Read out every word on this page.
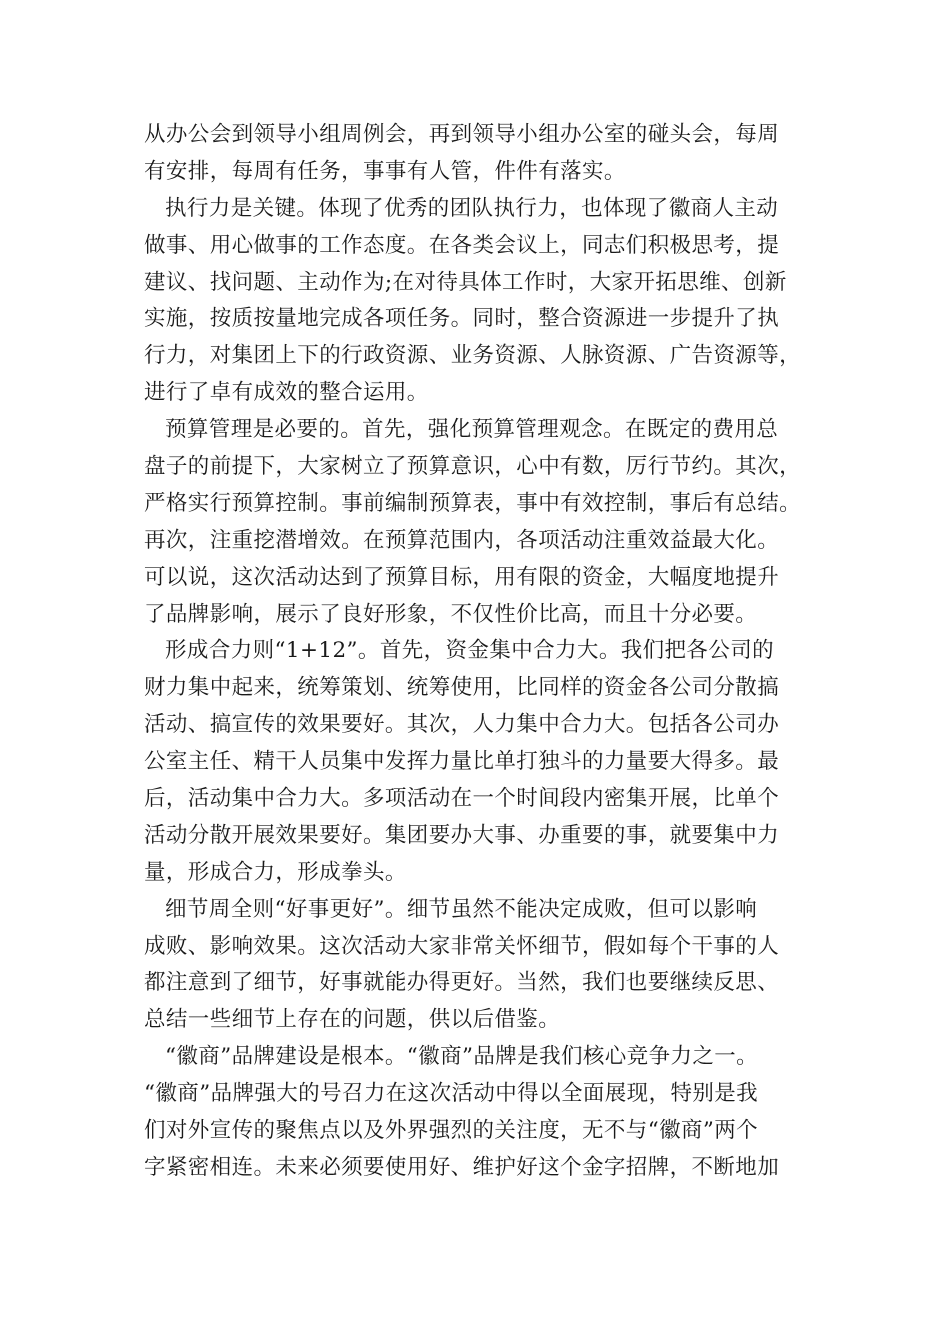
从办公会到领导小组周例会，再到领导小组办公室的碰头会，每周
有安排，每周有任务，事事有人管，件件有落实。
执行力是关键。体现了优秀的团队执行力，也体现了徽商人主动
做事、用心做事的工作态度。在各类会议上，同志们积极思考，提
建议、找问题、主动作为;在对待具体工作时，大家开拓思维、创新
实施，按质按量地完成各项任务。同时，整合资源进一步提升了执
行力，对集团上下的行政资源、业务资源、人脉资源、广告资源等，
进行了卓有成效的整合运用。
预算管理是必要的。首先，强化预算管理观念。在既定的费用总
盘子的前提下，大家树立了预算意识，心中有数，厉行节约。其次，
严格实行预算控制。事前编制预算表，事中有效控制，事后有总结。
再次，注重挖潜增效。在预算范围内，各项活动注重效益最大化。
可以说，这次活动达到了预算目标，用有限的资金，大幅度地提升
了品牌影响，展示了良好形象，不仅性价比高，而且十分必要。
形成合力则“1+12”。首先，资金集中合力大。我们把各公司的
财力集中起来，统筹策划、统筹使用，比同样的资金各公司分散搞
活动、搞宣传的效果要好。其次，人力集中合力大。包括各公司办
公室主任、精干人员集中发挥力量比单打独斗的力量要大得多。最
后，活动集中合力大。多项活动在一个时间段内密集开展，比单个
活动分散开展效果要好。集团要办大事、办重要的事，就要集中力
量，形成合力，形成拳头。
细节周全则“好事更好”。细节虽然不能决定成败，但可以影响
成败、影响效果。这次活动大家非常关怀细节，假如每个干事的人
都注意到了细节，好事就能办得更好。当然，我们也要继续反思、
总结一些细节上存在的问题，供以后借鉴。
“徽商”品牌建设是根本。“徽商”品牌是我们核心竞争力之一。
“徽商”品牌强大的号召力在这次活动中得以全面展现，特别是我
们对外宣传的聚焦点以及外界强烈的关注度，无不与“徽商”两个
字紧密相连。未来必须要使用好、维护好这个金字招牌，不断地加
